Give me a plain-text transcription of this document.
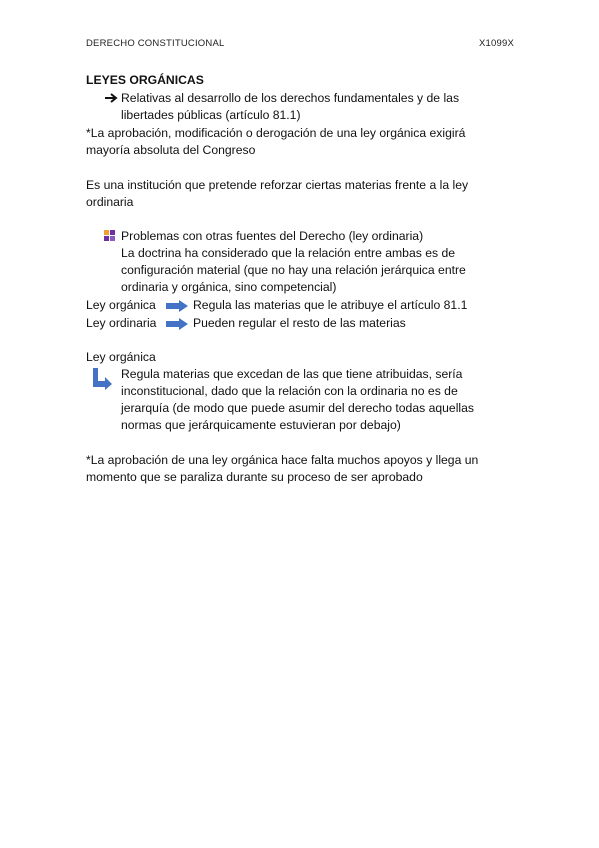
DERECHO CONSTITUCIONAL	X1099X
LEYES ORGÁNICAS
Relativas al desarrollo de los derechos fundamentales y de las
libertades públicas (artículo 81.1)
*La aprobación, modificación o derogación de una ley orgánica exigirá
mayoría absoluta del Congreso
Es una institución que pretende reforzar ciertas materias frente a la ley
ordinaria
Problemas con otras fuentes del Derecho (ley ordinaria)
La doctrina ha considerado que la relación entre ambas es de
configuración material (que no hay una relación jerárquica entre
ordinaria y orgánica, sino competencial)
Ley orgánica	Regula las materias que le atribuye el artículo 81.1
Ley ordinaria	Pueden regular el resto de las materias
Ley orgánica
Regula materias que excedan de las que tiene atribuidas, sería
inconstitucional, dado que la relación con la ordinaria no es de
jerarquía (de modo que puede asumir del derecho todas aquellas
normas que jerárquicamente estuvieran por debajo)
*La aprobación de una ley orgánica hace falta muchos apoyos y llega un
momento que se paraliza durante su proceso de ser aprobado
